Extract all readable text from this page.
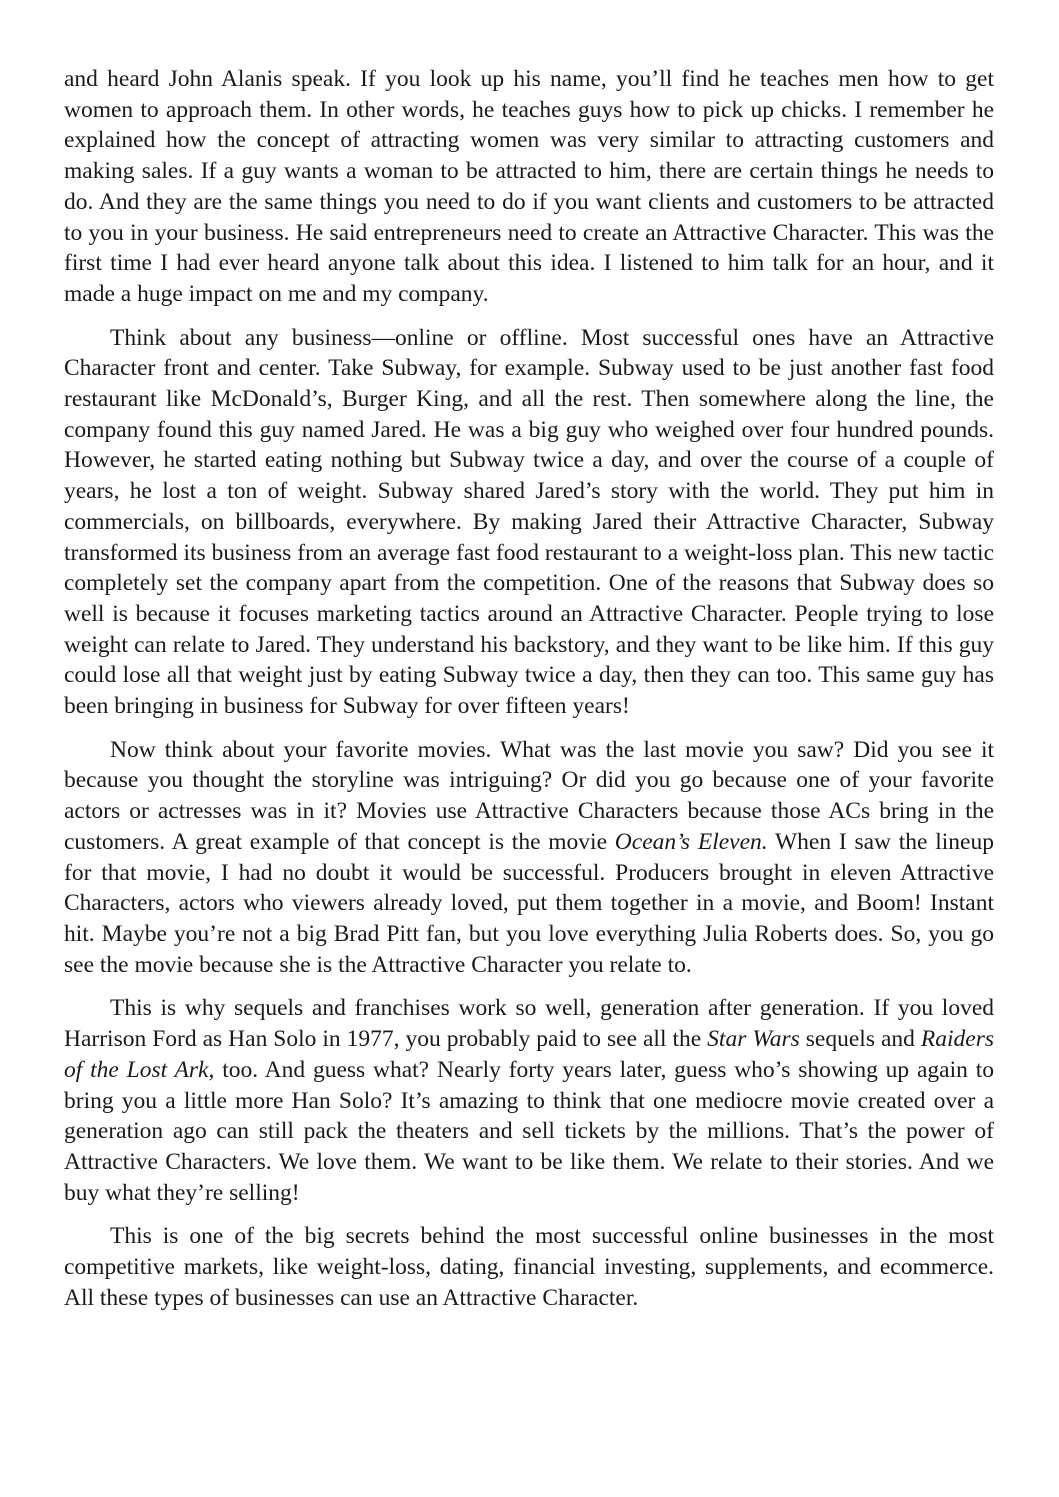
and heard John Alanis speak. If you look up his name, you’ll find he teaches men how to get women to approach them. In other words, he teaches guys how to pick up chicks. I remember he explained how the concept of attracting women was very similar to attracting customers and making sales. If a guy wants a woman to be attracted to him, there are certain things he needs to do. And they are the same things you need to do if you want clients and customers to be attracted to you in your business. He said entrepreneurs need to create an Attractive Character. This was the first time I had ever heard anyone talk about this idea. I listened to him talk for an hour, and it made a huge impact on me and my company.

Think about any business—online or offline. Most successful ones have an Attractive Character front and center. Take Subway, for example. Subway used to be just another fast food restaurant like McDonald’s, Burger King, and all the rest. Then somewhere along the line, the company found this guy named Jared. He was a big guy who weighed over four hundred pounds. However, he started eating nothing but Subway twice a day, and over the course of a couple of years, he lost a ton of weight. Subway shared Jared’s story with the world. They put him in commercials, on billboards, everywhere. By making Jared their Attractive Character, Subway transformed its business from an average fast food restaurant to a weight-loss plan. This new tactic completely set the company apart from the competition. One of the reasons that Subway does so well is because it focuses marketing tactics around an Attractive Character. People trying to lose weight can relate to Jared. They understand his backstory, and they want to be like him. If this guy could lose all that weight just by eating Subway twice a day, then they can too. This same guy has been bringing in business for Subway for over fifteen years!

Now think about your favorite movies. What was the last movie you saw? Did you see it because you thought the storyline was intriguing? Or did you go because one of your favorite actors or actresses was in it? Movies use Attractive Characters because those ACs bring in the customers. A great example of that concept is the movie Ocean’s Eleven. When I saw the lineup for that movie, I had no doubt it would be successful. Producers brought in eleven Attractive Characters, actors who viewers already loved, put them together in a movie, and Boom! Instant hit. Maybe you’re not a big Brad Pitt fan, but you love everything Julia Roberts does. So, you go see the movie because she is the Attractive Character you relate to.

This is why sequels and franchises work so well, generation after generation. If you loved Harrison Ford as Han Solo in 1977, you probably paid to see all the Star Wars sequels and Raiders of the Lost Ark, too. And guess what? Nearly forty years later, guess who’s showing up again to bring you a little more Han Solo? It’s amazing to think that one mediocre movie created over a generation ago can still pack the theaters and sell tickets by the millions. That’s the power of Attractive Characters. We love them. We want to be like them. We relate to their stories. And we buy what they’re selling!

This is one of the big secrets behind the most successful online businesses in the most competitive markets, like weight-loss, dating, financial investing, supplements, and ecommerce. All these types of businesses can use an Attractive Character.
